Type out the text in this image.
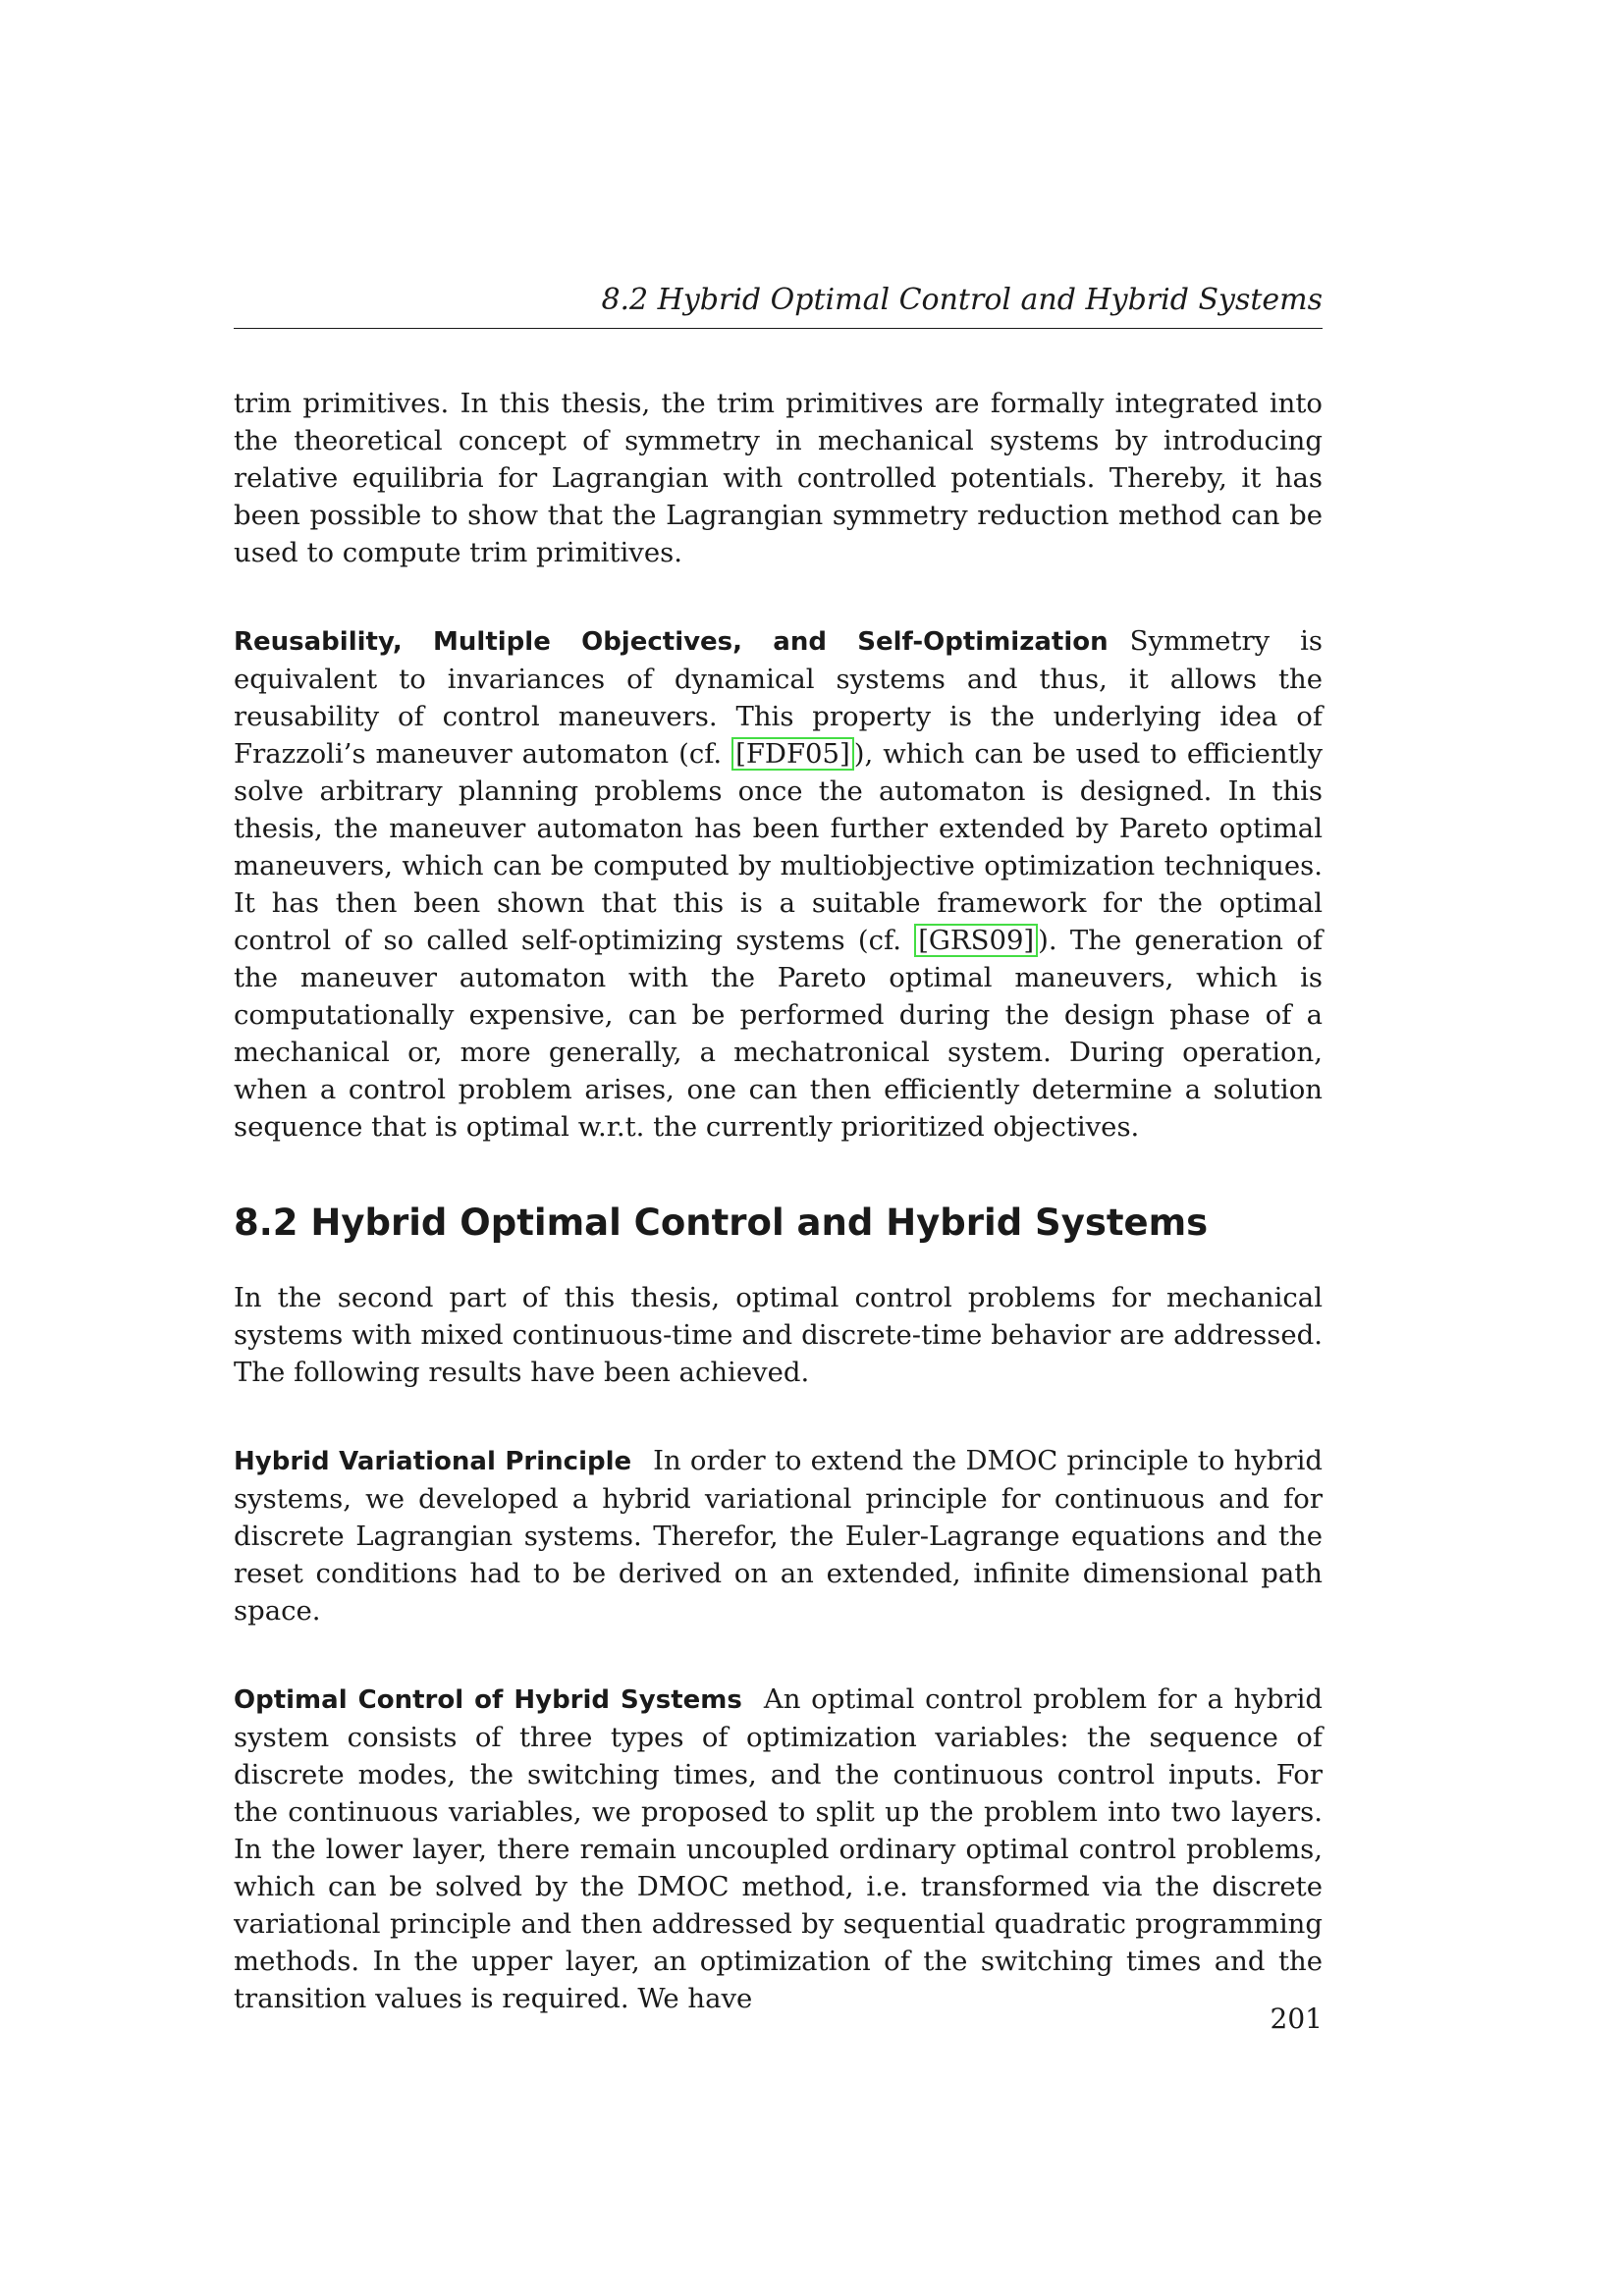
8.2 Hybrid Optimal Control and Hybrid Systems

trim primitives. In this thesis, the trim primitives are formally integrated into the theoretical concept of symmetry in mechanical systems by introducing relative equilibria for Lagrangian with controlled potentials. Thereby, it has been possible to show that the Lagrangian symmetry reduction method can be used to compute trim primitives.

Reusability, Multiple Objectives, and Self-Optimization Symmetry is equivalent to invariances of dynamical systems and thus, it allows the reusability of control maneuvers. This property is the underlying idea of Frazzoli’s maneuver automaton (cf. [FDF05] ), which can be used to efficiently solve arbitrary planning problems once the automaton is designed. In this thesis, the maneuver automaton has been further extended by Pareto optimal maneuvers, which can be computed by multiobjective optimization techniques. It has then been shown that this is a suitable framework for the optimal control of so called self-optimizing systems (cf. [GRS09] ). The generation of the maneuver automaton with the Pareto optimal maneuvers, which is computationally expensive, can be performed during the design phase of a mechanical or, more generally, a mechatronical system. During operation, when a control problem arises, one can then efficiently determine a solution sequence that is optimal w.r.t. the currently prioritized objectives.

8.2 Hybrid Optimal Control and Hybrid Systems

In the second part of this thesis, optimal control problems for mechanical systems with mixed continuous-time and discrete-time behavior are addressed. The following results have been achieved.

Hybrid Variational Principle In order to extend the DMOC principle to hybrid systems, we developed a hybrid variational principle for continuous and for discrete Lagrangian systems. Therefor, the Euler-Lagrange equations and the reset conditions had to be derived on an extended, infinite dimensional path space.

Optimal Control of Hybrid Systems An optimal control problem for a hybrid system consists of three types of optimization variables: the sequence of discrete modes, the switching times, and the continuous control inputs. For the continuous variables, we proposed to split up the problem into two layers. In the lower layer, there remain uncoupled ordinary optimal control problems, which can be solved by the DMOC method, i.e. transformed via the discrete variational principle and then addressed by sequential quadratic programming methods. In the upper layer, an optimization of the switching times and the transition values is required. We have

201
